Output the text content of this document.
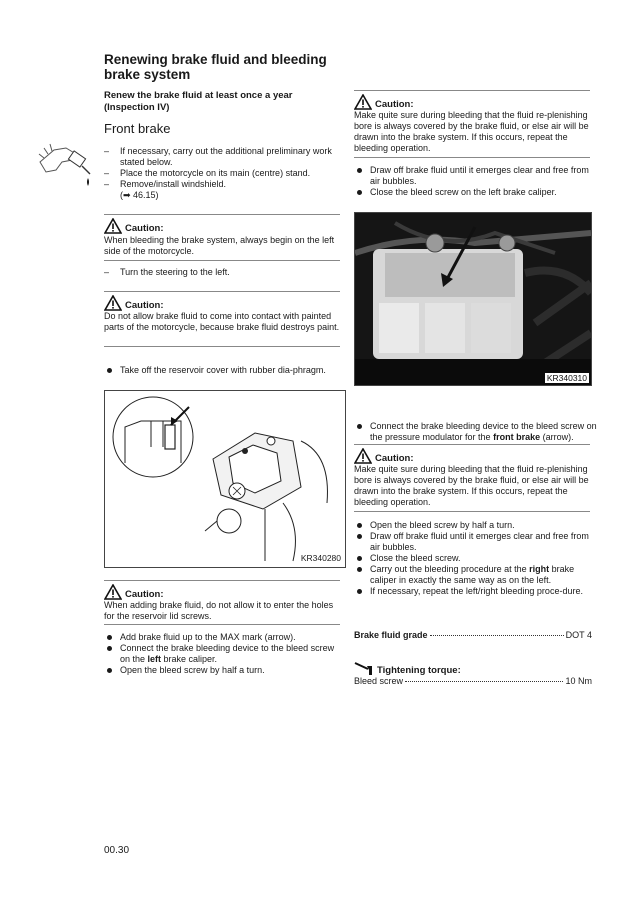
Renewing brake fluid and bleeding brake system
Renew the brake fluid at least once a year (Inspection IV)
Front brake
– If necessary, carry out the additional preliminary work stated below.
– Place the motorcycle on its main (centre) stand.
– Remove/install windshield.
(➡ 46.15)
Caution:
When bleeding the brake system, always begin on the left side of the motorcycle.
– Turn the steering to the left.
Caution:
Do not allow brake fluid to come into contact with painted parts of the motorcycle, because brake fluid destroys paint.
Take off the reservoir cover with rubber dia-phragm.
KR340280
Caution:
When adding brake fluid, do not allow it to enter the holes for the reservoir lid screws.
Add brake fluid up to the MAX mark (arrow).
Connect the brake bleeding device to the bleed screw on the left brake caliper.
Open the bleed screw by half a turn.
Caution:
Make quite sure during bleeding that the fluid re-plenishing bore is always covered by the brake fluid, or else air will be drawn into the brake system. If this occurs, repeat the bleeding operation.
Draw off brake fluid until it emerges clear and free from air bubbles.
Close the bleed screw on the left brake caliper.
KR340310
Connect the brake bleeding device to the bleed screw on the pressure modulator for the front brake (arrow).
Caution:
Make quite sure during bleeding that the fluid re-plenishing bore is always covered by the brake fluid, or else air will be drawn into the brake system. If this occurs, repeat the bleeding operation.
Open the bleed screw by half a turn.
Draw off brake fluid until it emerges clear and free from air bubbles.
Close the bleed screw.
Carry out the bleeding procedure at the right brake caliper in exactly the same way as on the left.
If necessary, repeat the left/right bleeding proce-dure.
Brake fluid grade	DOT 4
Tightening torque:
Bleed screw	10 Nm
00.30
